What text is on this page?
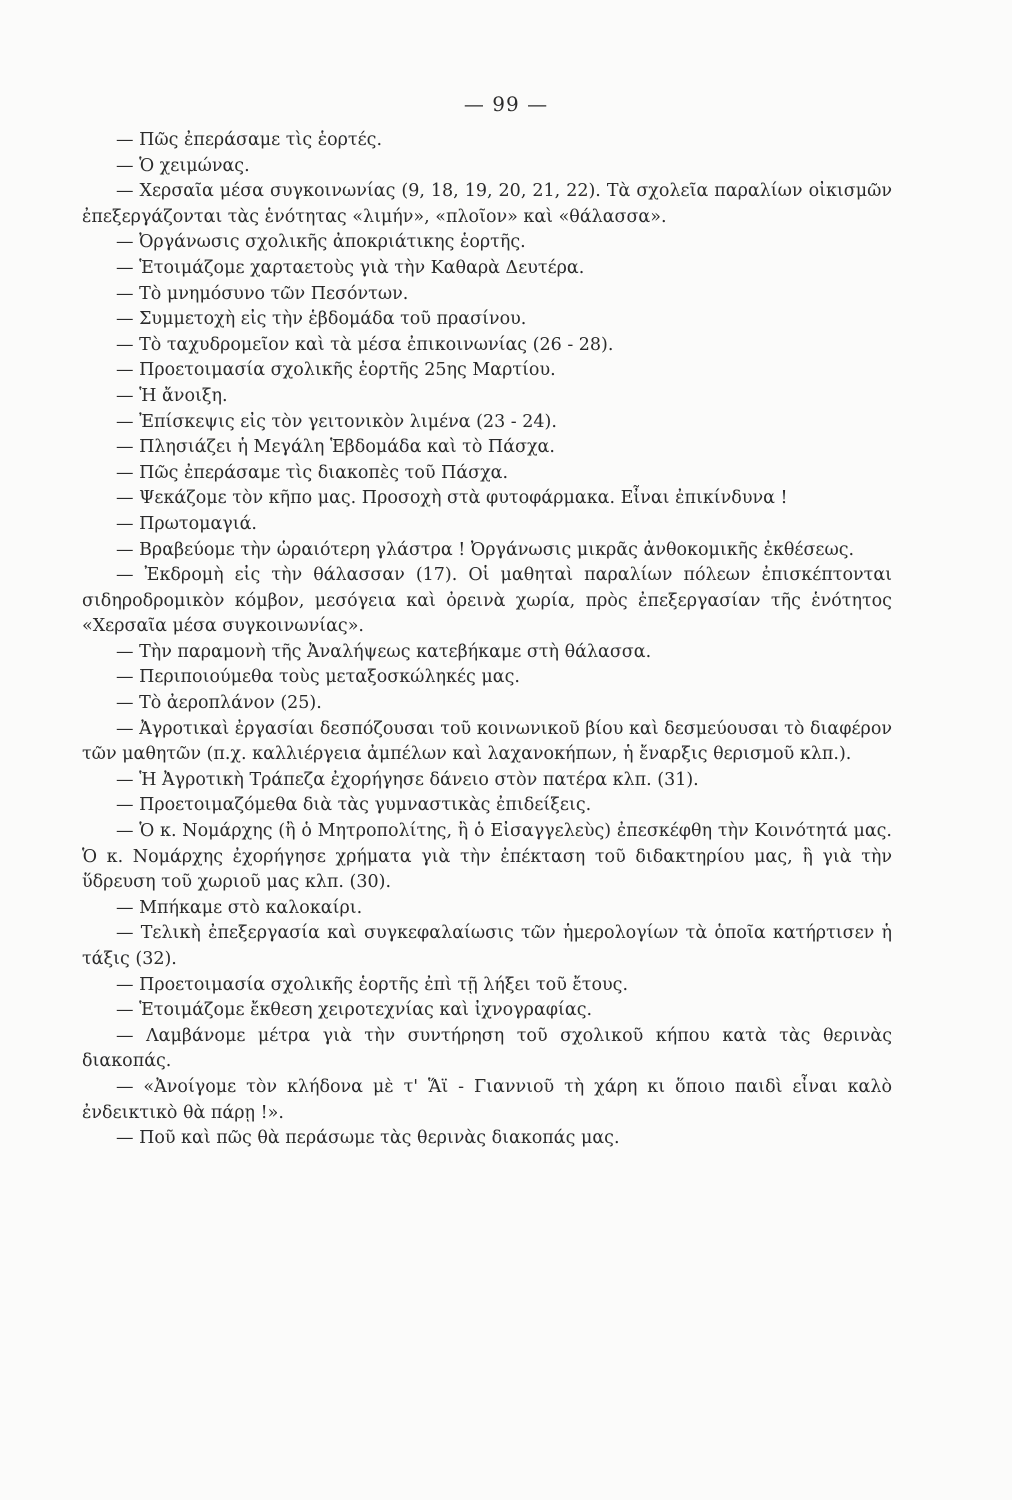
— 99 —

— Πῶς ἐπεράσαμε τὶς ἑορτές.

— Ὁ χειμώνας.

— Χερσαῖα μέσα συγκοινωνίας (9, 18, 19, 20, 21, 22). Τὰ σχολεῖα παραλίων οἰκισμῶν ἐπεξεργάζονται τὰς ἑνότητας «λιμήν», «πλοῖον» καὶ «θάλασσα».

— Ὀργάνωσις σχολικῆς ἀποκριάτικης ἑορτῆς.

— Ἑτοιμάζομε χαρταετοὺς γιὰ τὴν Καθαρὰ Δευτέρα.

— Τὸ μνημόσυνο τῶν Πεσόντων.

— Συμμετοχὴ εἰς τὴν ἑβδομάδα τοῦ πρασίνου.

— Τὸ ταχυδρομεῖον καὶ τὰ μέσα ἐπικοινωνίας (26 - 28).

— Προετοιμασία σχολικῆς ἑορτῆς 25ης Μαρτίου.

— Ἡ ἄνοιξη.

— Ἐπίσκεψις εἰς τὸν γειτονικὸν λιμένα (23 - 24).

— Πλησιάζει ἡ Μεγάλη Ἑβδομάδα καὶ τὸ Πάσχα.

— Πῶς ἐπεράσαμε τὶς διακοπὲς τοῦ Πάσχα.

— Ψεκάζομε τὸν κῆπο μας. Προσοχὴ στὰ φυτοφάρμακα. Εἶναι ἐπικίνδυνα !

— Πρωτομαγιά.

— Βραβεύομε τὴν ὡραιότερη γλάστρα ! Ὀργάνωσις μικρᾶς ἀνθοκομικῆς ἐκθέσεως.

— Ἐκδρομὴ εἰς τὴν θάλασσαν (17). Οἱ μαθηταὶ παραλίων πόλεων ἐπισκέπτονται σιδηροδρομικὸν κόμβον, μεσόγεια καὶ ὀρεινὰ χωρία, πρὸς ἐπεξεργασίαν τῆς ἑνότητος «Χερσαῖα μέσα συγκοινωνίας».

— Τὴν παραμονὴ τῆς Ἀναλήψεως κατεβήκαμε στὴ θάλασσα.

— Περιποιούμεθα τοὺς μεταξοσκώληκές μας.

— Τὸ ἀεροπλάνον (25).

— Ἀγροτικαὶ ἐργασίαι δεσπόζουσαι τοῦ κοινωνικοῦ βίου καὶ δεσμεύουσαι τὸ διαφέρον τῶν μαθητῶν (π.χ. καλλιέργεια ἀμπέλων καὶ λαχανοκήπων, ἡ ἔναρξις θερισμοῦ κλπ.).

— Ἡ Ἀγροτικὴ Τράπεζα ἐχορήγησε δάνειο στὸν πατέρα κλπ. (31).

— Προετοιμαζόμεθα διὰ τὰς γυμναστικὰς ἐπιδείξεις.

— Ὁ κ. Νομάρχης (ἢ ὁ Μητροπολίτης, ἢ ὁ Εἰσαγγελεὺς) ἐπεσκέφθη τὴν Κοινότητά μας. Ὁ κ. Νομάρχης ἐχορήγησε χρήματα γιὰ τὴν ἐπέκταση τοῦ διδακτηρίου μας, ἢ γιὰ τὴν ὕδρευση τοῦ χωριοῦ μας κλπ. (30).

— Μπήκαμε στὸ καλοκαίρι.

— Τελικὴ ἐπεξεργασία καὶ συγκεφαλαίωσις τῶν ἡμερολογίων τὰ ὁποῖα κατήρτισεν ἡ τάξις (32).

— Προετοιμασία σχολικῆς ἑορτῆς ἐπὶ τῇ λήξει τοῦ ἔτους.

— Ἑτοιμάζομε ἔκθεση χειροτεχνίας καὶ ἰχνογραφίας.

— Λαμβάνομε μέτρα γιὰ τὴν συντήρηση τοῦ σχολικοῦ κήπου κατὰ τὰς θερινὰς διακοπάς.

— «Ἀνοίγομε τὸν κλήδονα μὲ τ' Ἅϊ - Γιαννιοῦ τὴ χάρη κι ὅποιο παιδὶ εἶναι καλὸ ἐνδεικτικὸ θὰ πάρῃ !».

— Ποῦ καὶ πῶς θὰ περάσωμε τὰς θερινὰς διακοπάς μας.
